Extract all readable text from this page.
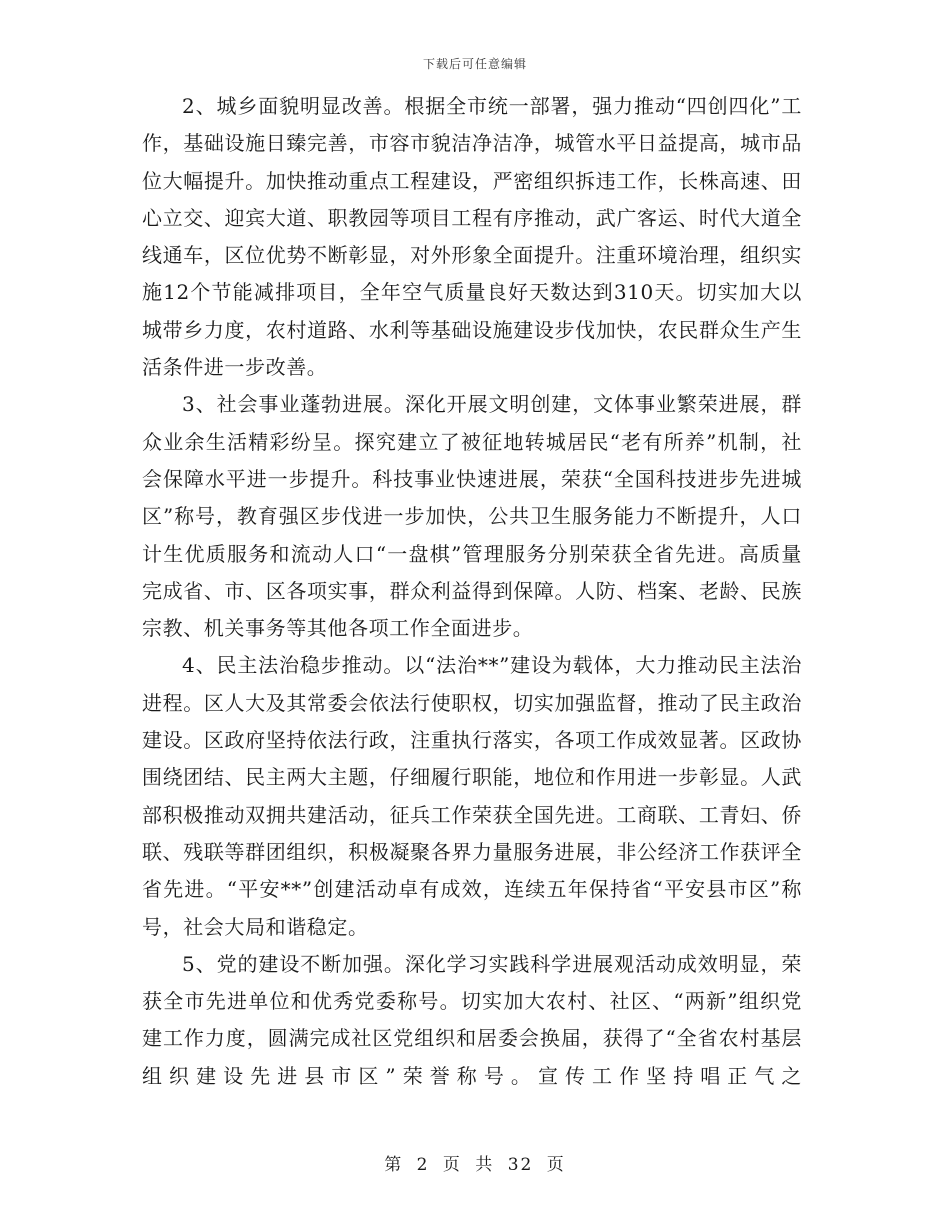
下载后可任意编辑

2、城乡面貌明显改善。根据全市统一部署，强力推动“四创四化”工作，基础设施日臻完善，市容市貌洁净洁净，城管水平日益提高，城市品位大幅提升。加快推动重点工程建设，严密组织拆违工作，长株高速、田心立交、迎宾大道、职教园等项目工程有序推动，武广客运、时代大道全线通车，区位优势不断彰显，对外形象全面提升。注重环境治理，组织实施12个节能减排项目，全年空气质量良好天数达到310天。切实加大以城带乡力度，农村道路、水利等基础设施建设步伐加快，农民群众生产生活条件进一步改善。

3、社会事业蓬勃进展。深化开展文明创建，文体事业繁荣进展，群众业余生活精彩纷呈。探究建立了被征地转城居民“老有所养”机制，社会保障水平进一步提升。科技事业快速进展，荣获“全国科技进步先进城区”称号，教育强区步伐进一步加快，公共卫生服务能力不断提升，人口计生优质服务和流动人口“一盘棋”管理服务分别荣获全省先进。高质量完成省、市、区各项实事，群众利益得到保障。人防、档案、老龄、民族宗教、机关事务等其他各项工作全面进步。

4、民主法治稳步推动。以“法治**”建设为载体，大力推动民主法治进程。区人大及其常委会依法行使职权，切实加强监督，推动了民主政治建设。区政府坚持依法行政，注重执行落实，各项工作成效显著。区政协围绕团结、民主两大主题，仔细履行职能，地位和作用进一步彰显。人武部积极推动双拥共建活动，征兵工作荣获全国先进。工商联、工青妇、侨联、残联等群团组织，积极凝聚各界力量服务进展，非公经济工作获评全省先进。“平安**”创建活动卓有成效，连续五年保持省“平安县市区”称号，社会大局和谐稳定。

5、党的建设不断加强。深化学习实践科学进展观活动成效明显，荣获全市先进单位和优秀党委称号。切实加大农村、社区、“两新”组织党建工作力度，圆满完成社区党组织和居委会换届，获得了“全省农村基层组织建设先进县市区”荣誉称号。宣传工作坚持唱正气之

第 2 页 共 32 页
